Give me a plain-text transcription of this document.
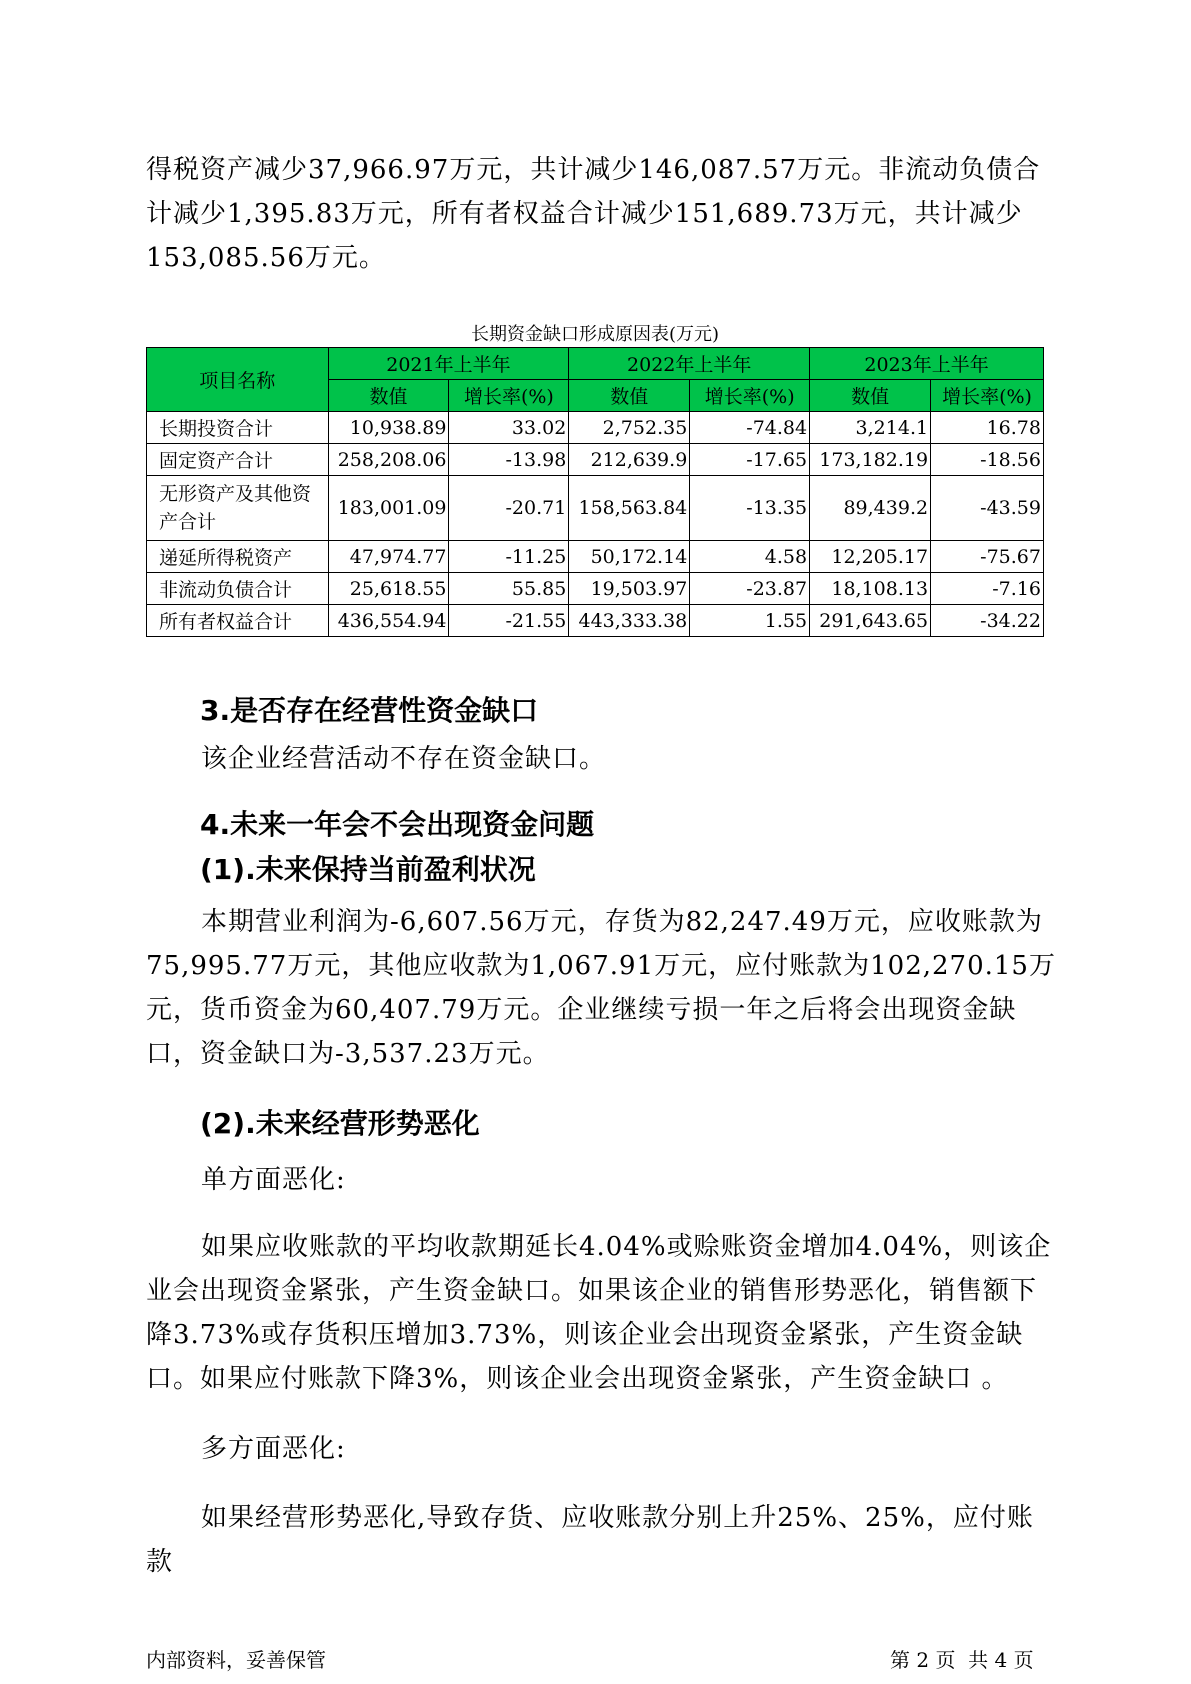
得税资产减少37,966.97万元，共计减少146,087.57万元。非流动负债合计减少1,395.83万元，所有者权益合计减少151,689.73万元，共计减少153,085.56万元。

长期资金缺口形成原因表(万元)
项目名称	2021年上半年		2022年上半年		2023年上半年	
	数值	增长率(%)	数值	增长率(%)	数值	增长率(%)
长期投资合计	10,938.89	33.02	2,752.35	-74.84	3,214.1	16.78
固定资产合计	258,208.06	-13.98	212,639.9	-17.65	173,182.19	-18.56
无形资产及其他资产合计	183,001.09	-20.71	158,563.84	-13.35	89,439.2	-43.59
递延所得税资产	47,974.77	-11.25	50,172.14	4.58	12,205.17	-75.67
非流动负债合计	25,618.55	55.85	19,503.97	-23.87	18,108.13	-7.16
所有者权益合计	436,554.94	-21.55	443,333.38	1.55	291,643.65	-34.22
3.是否存在经营性资金缺口

该企业经营活动不存在资金缺口。

4.未来一年会不会出现资金问题
(1).未来保持当前盈利状况

本期营业利润为-6,607.56万元，存货为82,247.49万元，应收账款为75,995.77万元，其他应收款为1,067.91万元，应付账款为102,270.15万元，货币资金为60,407.79万元。企业继续亏损一年之后将会出现资金缺口，资金缺口为-3,537.23万元。

(2).未来经营形势恶化

单方面恶化:

如果应收账款的平均收款期延长4.04%或赊账资金增加4.04%，则该企业会出现资金紧张，产生资金缺口。如果该企业的销售形势恶化，销售额下降3.73%或存货积压增加3.73%，则该企业会出现资金紧张，产生资金缺口。如果应付账款下降3%，则该企业会出现资金紧张，产生资金缺口 。

多方面恶化:

如果经营形势恶化,导致存货、应收账款分别上升25%、25%，应付账款

内部资料，妥善保管	第 2 页  共 4 页
